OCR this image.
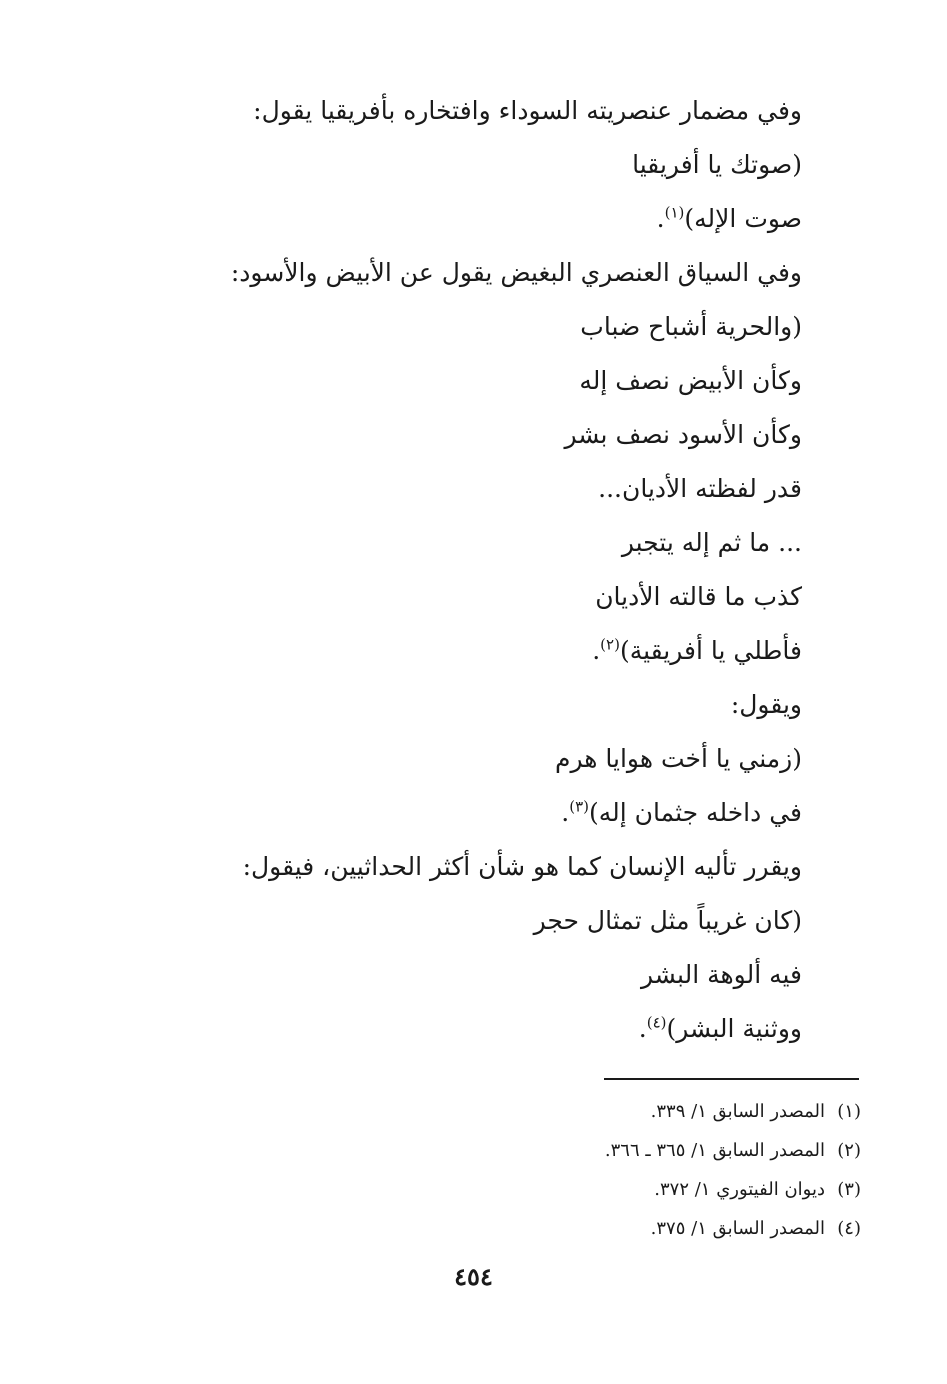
وفي مضمار عنصريته السوداء وافتخاره بأفريقيا يقول:
(صوتك يا أفريقيا
صوت الإله)$^{(١)}$.
وفي السياق العنصري البغيض يقول عن الأبيض والأسود:
(والحرية أشباح ضباب
وكأن الأبيض نصف إله
وكأن الأسود نصف بشر
قدر لفظته الأديان...
... ما ثم إله يتجبر
كذب ما قالته الأديان
فأطلي يا أفريقية)$^{(٢)}$.
ويقول:
(زمني يا أخت هوايا هرم
في داخله جثمان إله)$^{(٣)}$.
ويقرر تأليه الإنسان كما هو شأن أكثر الحداثيين، فيقول:
(كان غريباً مثل تمثال حجر
فيه ألوهة البشر
ووثنية البشر)$^{(٤)}$.
(١)المصدر السابق ١/ ٣٣٩.
(٢)المصدر السابق ١/ ٣٦٥ ـ ٣٦٦.
(٣)ديوان الفيتوري ١/ ٣٧٢.
(٤)المصدر السابق ١/ ٣٧٥.
٤٥٤
